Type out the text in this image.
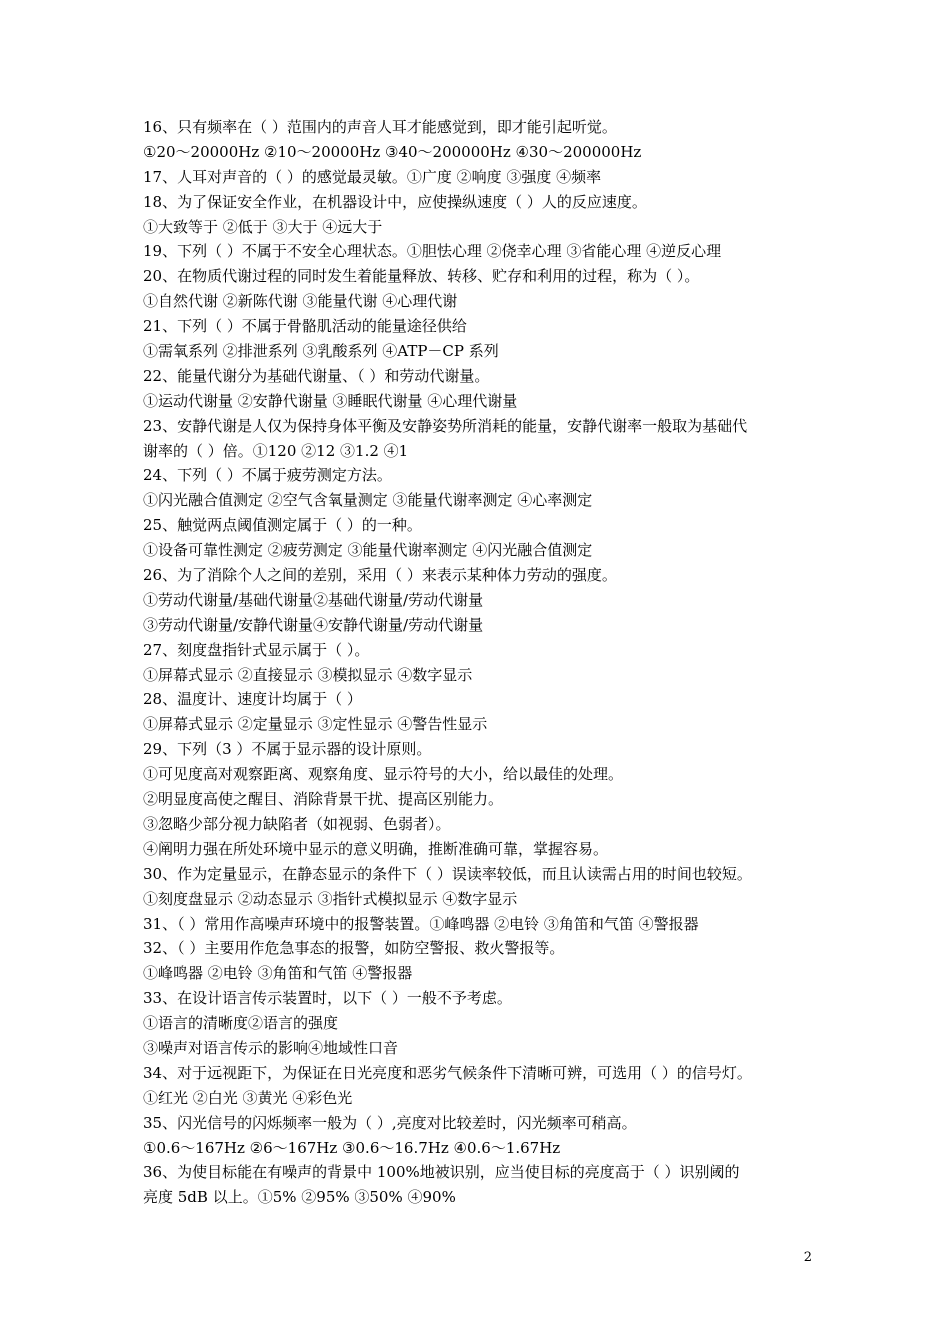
16、只有频率在（ ）范围内的声音人耳才能感觉到，即才能引起听觉。
①20～20000Hz ②10～20000Hz ③40～200000Hz ④30～200000Hz
17、人耳对声音的（ ）的感觉最灵敏。①广度 ②响度 ③强度 ④频率
18、为了保证安全作业，在机器设计中，应使操纵速度（ ）人的反应速度。
①大致等于 ②低于 ③大于 ④远大于
19、下列（ ）不属于不安全心理状态。①胆怯心理 ②侥幸心理 ③省能心理 ④逆反心理
20、在物质代谢过程的同时发生着能量释放、转移、贮存和利用的过程，称为（ ）。
①自然代谢 ②新陈代谢 ③能量代谢 ④心理代谢
21、下列（ ）不属于骨骼肌活动的能量途径供给
①需氧系列 ②排泄系列 ③乳酸系列 ④ATP－CP 系列
22、能量代谢分为基础代谢量、（ ）和劳动代谢量。
①运动代谢量 ②安静代谢量 ③睡眠代谢量 ④心理代谢量
23、安静代谢是人仅为保持身体平衡及安静姿势所消耗的能量，安静代谢率一般取为基础代
谢率的（ ）倍。①120 ②12 ③1.2 ④1
24、下列（ ）不属于疲劳测定方法。
①闪光融合值测定 ②空气含氧量测定 ③能量代谢率测定 ④心率测定
25、触觉两点阈值测定属于（ ）的一种。
①设备可靠性测定 ②疲劳测定 ③能量代谢率测定 ④闪光融合值测定
26、为了消除个人之间的差别，采用（ ）来表示某种体力劳动的强度。
①劳动代谢量/基础代谢量②基础代谢量/劳动代谢量
③劳动代谢量/安静代谢量④安静代谢量/劳动代谢量
27、刻度盘指针式显示属于（ ）。
①屏幕式显示 ②直接显示 ③模拟显示 ④数字显示
28、温度计、速度计均属于（ ）
①屏幕式显示 ②定量显示 ③定性显示 ④警告性显示
29、下列（3 ）不属于显示器的设计原则。
①可见度高对观察距离、观察角度、显示符号的大小，给以最佳的处理。
②明显度高使之醒目、消除背景干扰、提高区别能力。
③忽略少部分视力缺陷者（如视弱、色弱者）。
④阐明力强在所处环境中显示的意义明确，推断准确可靠，掌握容易。
30、作为定量显示，在静态显示的条件下（ ）误读率较低，而且认读需占用的时间也较短。
①刻度盘显示 ②动态显示 ③指针式模拟显示 ④数字显示
31、（ ）常用作高噪声环境中的报警装置。①峰鸣器 ②电铃 ③角笛和气笛 ④警报器
32、（ ）主要用作危急事态的报警，如防空警报、救火警报等。
①峰鸣器 ②电铃 ③角笛和气笛 ④警报器
33、在设计语言传示装置时，以下（ ）一般不予考虑。
①语言的清晰度②语言的强度
③噪声对语言传示的影响④地域性口音
34、对于远视距下，为保证在日光亮度和恶劣气候条件下清晰可辨，可选用（ ）的信号灯。
①红光 ②白光 ③黄光 ④彩色光
35、闪光信号的闪烁频率一般为（ ）,亮度对比较差时，闪光频率可稍高。
①0.6～167Hz ②6～167Hz ③0.6～16.7Hz ④0.6～1.67Hz
36、为使目标能在有噪声的背景中 100%地被识别，应当使目标的亮度高于（ ）识别阈的
亮度 5dB 以上。①5% ②95% ③50% ④90%
2
